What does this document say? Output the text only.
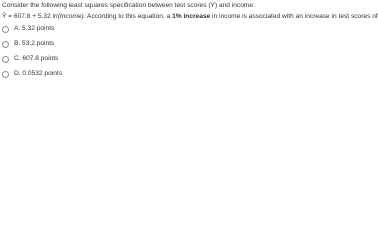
Consider the following least squares specification between test scores (Y) and income:
Ŷ = 607.8 + 5.32 ln(Income). According to this equation, a 1% increase in income is associated with an increase in test scores of
A. 5.32 points
B. 53.2 points
C. 607.8 points
D. 0.0532 points
